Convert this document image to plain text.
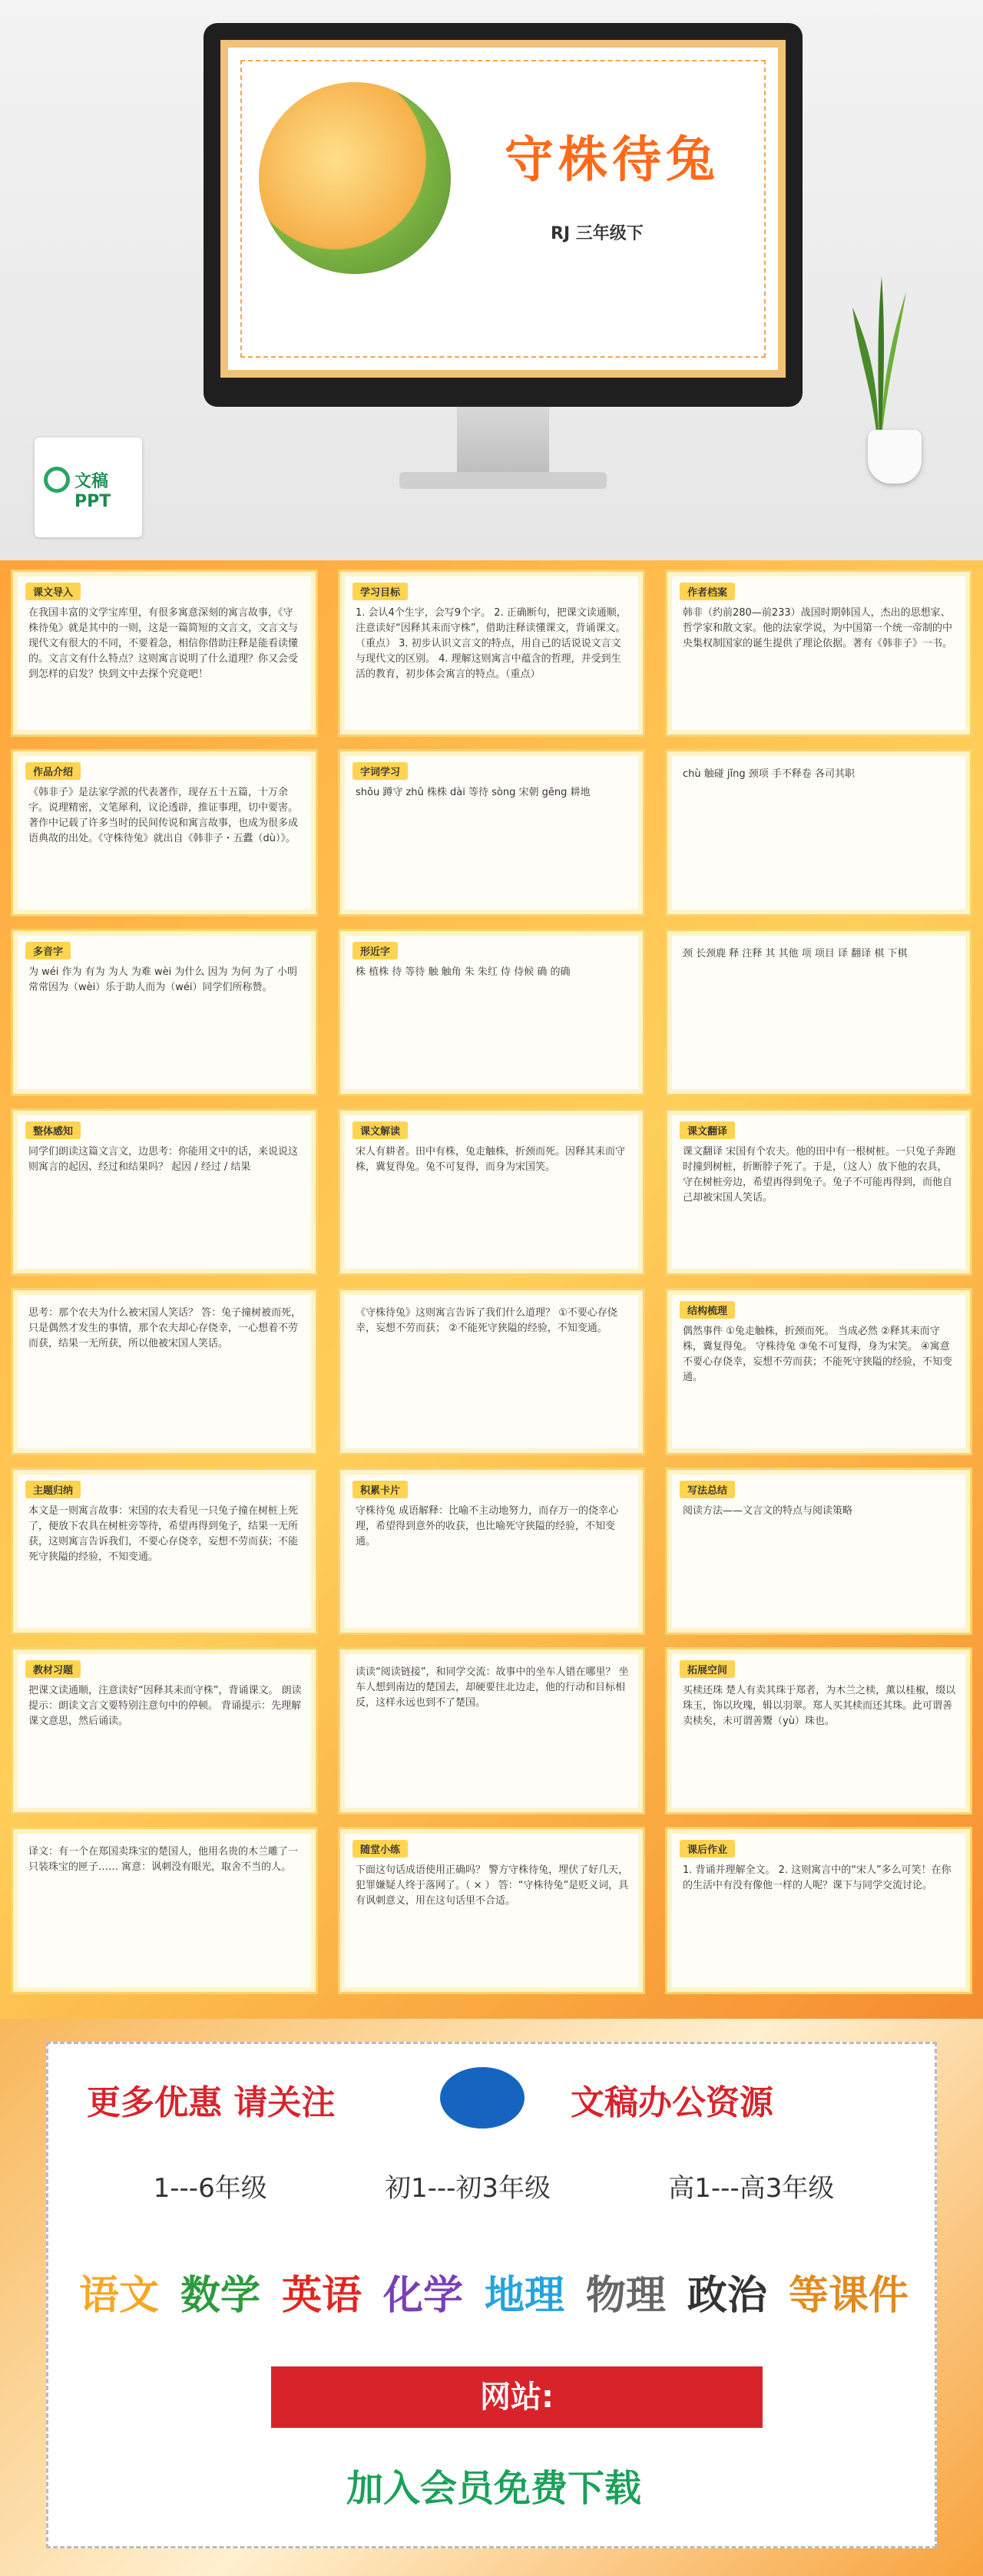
守株待兔
RJ 三年级下
文稿PPT
课文导入
在我国丰富的文学宝库里，有很多寓意深刻的寓言故事，《守株待兔》就是其中的一则，这是一篇简短的文言文，文言文与现代文有很大的不同，不要着急，相信你借助注释是能看读懂的。文言文有什么特点？这则寓言说明了什么道理？你又会受到怎样的启发？快到文中去探个究竟吧！
学习目标
1. 会认4个生字，会写9个字。 2. 正确断句，把课文读通顺，注意读好“因释其耒而守株”，借助注释读懂课文，背诵课文。（重点） 3. 初步认识文言文的特点，用自己的话说说文言文与现代文的区别。 4. 理解这则寓言中蕴含的哲理，并受到生活的教育，初步体会寓言的特点。（重点）
作者档案
韩非（约前280—前233）战国时期韩国人，杰出的思想家、哲学家和散文家。他的法家学说，为中国第一个统一帝制的中央集权制国家的诞生提供了理论依据。著有《韩非子》一书。
作品介绍
《韩非子》是法家学派的代表著作，现存五十五篇，十万余字。说理精密，文笔犀利，议论透辟，推证事理，切中要害。著作中记载了许多当时的民间传说和寓言故事，也成为很多成语典故的出处。《守株待兔》就出自《韩非子・五蠹（dù）》。
字词学习
shǒu 蹲守 zhū 株株 dài 等待 sòng 宋朝 gēng 耕地
chù 触碰 jǐng 颈项 手不释卷 各司其职
多音字
为 wéi 作为 有为 为人 为难 wèi 为什么 因为 为何 为了 小明常常因为（wèi）乐于助人而为（wéi）同学们所称赞。
形近字
株 植株 待 等待 触 触角 朱 朱红 侍 侍候 确 的确
颈 长颈鹿 释 注释 其 其他 项 项目 译 翻译 棋 下棋
整体感知
同学们朗读这篇文言文，边思考：你能用文中的话，来说说这则寓言的起因、经过和结果吗？ 起因 / 经过 / 结果
课文解读
宋人有耕者。田中有株，兔走触株，折颈而死。因释其耒而守株，冀复得兔。兔不可复得，而身为宋国笑。
课文翻译
课文翻译 宋国有个农夫。他的田中有一根树桩。一只兔子奔跑时撞到树桩，折断脖子死了。于是，（这人）放下他的农具，守在树桩旁边，希望再得到兔子。兔子不可能再得到，而他自己却被宋国人笑话。
思考：那个农夫为什么被宋国人笑话？ 答：兔子撞树被而死，只是偶然才发生的事情，那个农夫却心存侥幸，一心想着不劳而获，结果一无所获，所以他被宋国人笑话。
《守株待兔》这则寓言告诉了我们什么道理？ ①不要心存侥幸，妄想不劳而获； ②不能死守狭隘的经验，不知变通。
结构梳理
偶然事件 ①兔走触株，折颈而死。 当成必然 ②释其耒而守株，冀复得兔。 守株待兔 ③兔不可复得，身为宋笑。 ④寓意 不要心存侥幸，妄想不劳而获；不能死守狭隘的经验，不知变通。
主题归纳
本文是一则寓言故事：宋国的农夫看见一只兔子撞在树桩上死了，便放下农具在树桩旁等待，希望再得到兔子，结果一无所获，这则寓言告诉我们，不要心存侥幸，妄想不劳而获；不能死守狭隘的经验，不知变通。
积累卡片
守株待兔 成语解释：比喻不主动地努力，而存万一的侥幸心理，希望得到意外的收获，也比喻死守狭隘的经验，不知变通。
写法总结
阅读方法——文言文的特点与阅读策略
教材习题
把课文读通顺，注意读好“因释其耒而守株”，背诵课文。 朗读提示：朗读文言文要特别注意句中的停顿。 背诵提示：先理解课文意思，然后诵读。
读读“阅读链接”，和同学交流：故事中的坐车人错在哪里？ 坐车人想到南边的楚国去，却硬要往北边走，他的行动和目标相反，这样永远也到不了楚国。
拓展空间
买椟还珠 楚人有卖其珠于郑者，为木兰之椟，薰以桂椒，缀以珠玉，饰以玫瑰，辑以羽翠。郑人买其椟而还其珠。此可谓善卖椟矣，未可谓善鬻（yù）珠也。
译文：有一个在郑国卖珠宝的楚国人，他用名贵的木兰雕了一只装珠宝的匣子…… 寓意：讽刺没有眼光，取舍不当的人。
随堂小练
下面这句话成语使用正确吗？ 警方守株待兔，埋伏了好几天，犯罪嫌疑人终于落网了。（ × ） 答：“守株待兔”是贬义词，具有讽刺意义，用在这句话里不合适。
课后作业
1. 背诵并理解全文。 2. 这则寓言中的“宋人”多么可笑！在你的生活中有没有像他一样的人呢？课下与同学交流讨论。
更多优惠 请关注	文稿办公资源
1---6年级	初1---初3年级	高1---高3年级
语文 数学 英语 化学 地理 物理 政治 等课件
网站: https://www.wgppt.com
加入会员免费下载
